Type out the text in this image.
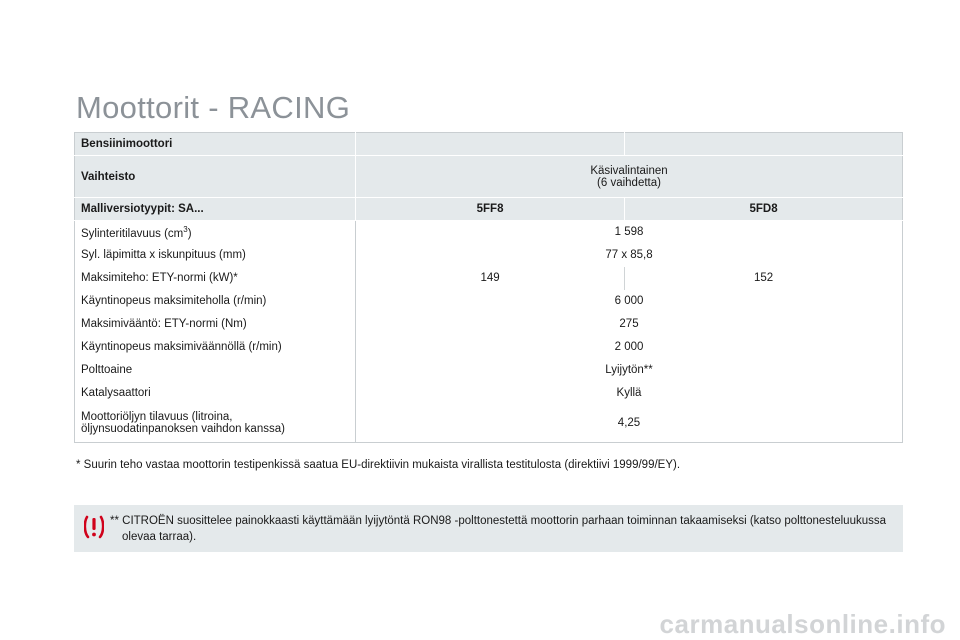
Moottorit - RACING
Bensiinimoottori		
Vaihteisto	Käsivalintainen
(6 vaihdetta)	

Malliversiotyypit: SA...	5FF8	5FD8
Sylinteritilavuus $(cm^3)$	1 598	
Syl. läpimitta x iskunpituus (mm)	77 x 85,8	
Maksimiteho: ETY-normi (kW)*	149	152
Käyntinopeus maksimiteholla (r/min)	6 000	
Maksimivääntö: ETY-normi (Nm)	275	
Käyntinopeus maksimiväännöllä (r/min)	2 000	
Polttoaine	Lyijytön**	
Katalysaattori	Kyllä	

Moottoriöljyn tilavuus (litroina,
öljynsuodatinpanoksen vaihdon kanssa)	4,25	
* Suurin teho vastaa moottorin testipenkissä saatua EU-direktiivin mukaista virallista testitulosta (direktiivi 1999/99/EY).
** CITROËN suosittelee painokkaasti käyttämään lyijytöntä RON98 -polttonestettä moottorin parhaan toiminnan takaamiseksi (katso polttonesteluukussa olevaa tarraa).
carmanualsonline.info
